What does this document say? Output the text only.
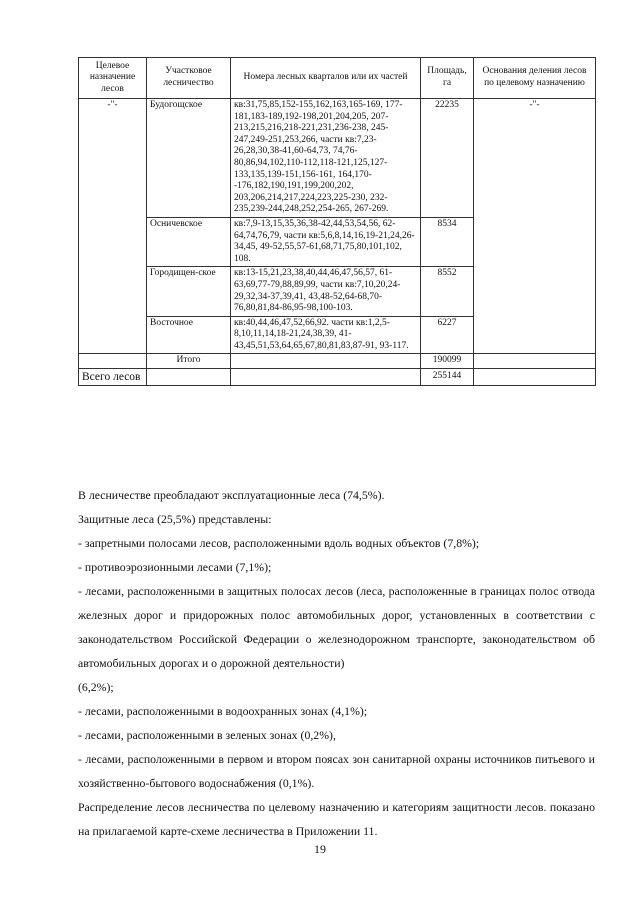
Целевое назначение лесов	Участковое лесничество	Номера лесных кварталов или их частей	Площадь, га	Основания деления лесов по целевому назначению
-"-	Будогощское	кв:31,75,85,152-155,162,163,165-169, 177-181,183-189,192-198,201,204,205, 207-213,215,216,218-221,231,236-238, 245-247,249-251,253,266, части кв:7,23-26,28,30,38-41,60-64,73, 74,76-80,86,94,102,110-112,118-121,125,127-133,135,139-151,156-161, 164,170--176,182,190,191,199,200,202, 203,206,214,217,224,223,225-230, 232-235,239-244,248,252,254-265, 267-269.	22235	-"-
	Осничевское	кв:7,9-13,15,35,36,38-42,44,53,54,56, 62-64,74,76,79, части кв:5,6,8,14,16,19-21,24,26-34,45, 49-52,55,57-61,68,71,75,80,101,102, 108.	8534	
	Городищен-ское	кв:13-15,21,23,38,40,44,46,47,56,57, 61-63,69,77-79,88,89,99, части кв:7,10,20,24-29,32,34-37,39,41, 43,48-52,64-68,70-76,80,81,84-86,95-98,100-103.	8552	
	Восточное	кв:40,44,46,47,52,66,92. части кв:1,2,5-8,10,11,14,18-21,24,38,39, 41-43,45,51,53,64,65,67,80,81,83,87-91, 93-117.	6227	
	Итого		190099	
Всего лесов			255144	

В лесничестве преобладают эксплуатационные леса (74,5%).

Защитные леса (25,5%) представлены:

- запретными полосами лесов, расположенными вдоль водных объектов (7,8%);

- противоэрозионными лесами (7,1%);

- лесами, расположенными в защитных полосах лесов (леса, расположенные в границах полос отвода железных дорог и придорожных полос автомобильных дорог, установленных в соответствии с законодательством Российской Федерации о железнодорожном транспорте, законодательством об автомобильных дорогах и о дорожной деятельности)

(6,2%);

- лесами, расположенными в водоохранных зонах (4,1%);

- лесами, расположенными в зеленых зонах (0,2%),

- лесами, расположенными в первом и втором поясах зон санитарной охраны источников питьевого и хозяйственно-бытового водоснабжения (0,1%).

Распределение лесов лесничества по целевому назначению и категориям защитности лесов. показано на прилагаемой карте-схеме лесничества в Приложении 11.

19
